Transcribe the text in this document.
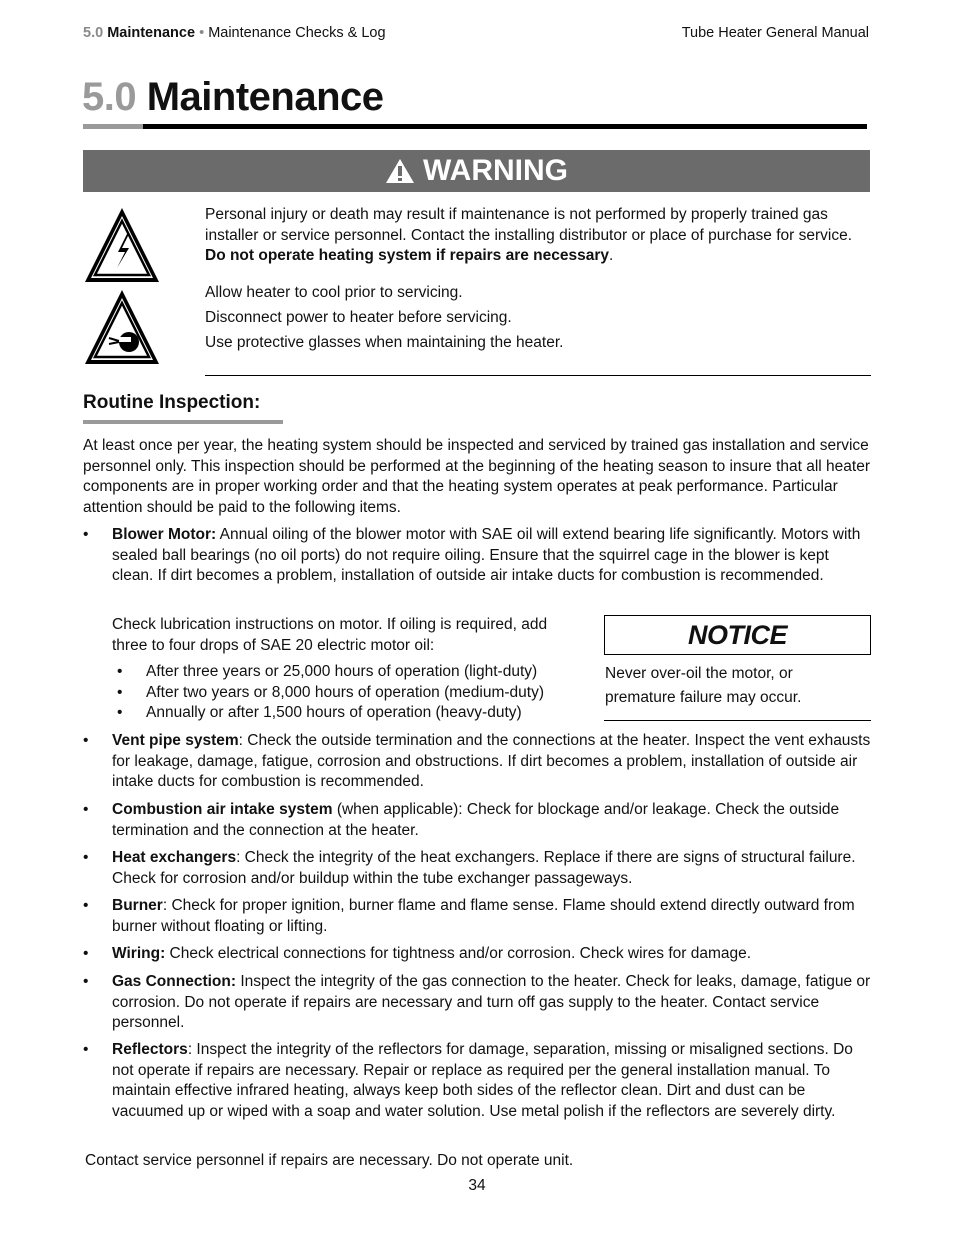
5.0 Maintenance • Maintenance Checks & Log	Tube Heater General Manual
5.0 Maintenance
WARNING
Personal injury or death may result if maintenance is not performed by properly trained gas installer or service personnel. Contact the installing distributor or place of purchase for service. Do not operate heating system if repairs are necessary.
Allow heater to cool prior to servicing.
Disconnect power to heater before servicing.
Use protective glasses when maintaining the heater.
Routine Inspection:
At least once per year, the heating system should be inspected and serviced by trained gas installation and service personnel only. This inspection should be performed at the beginning of the heating season to insure that all heater components are in proper working order and that the heating system operates at peak performance. Particular attention should be paid to the following items.
• Blower Motor: Annual oiling of the blower motor with SAE oil will extend bearing life significantly. Motors with sealed ball bearings (no oil ports) do not require oiling. Ensure that the squirrel cage in the blower is kept clean. If dirt becomes a problem, installation of outside air intake ducts for combustion is recommended.
Check lubrication instructions on motor. If oiling is required, add three to four drops of SAE 20 electric motor oil:
• After three years or 25,000 hours of operation (light-duty)
• After two years or 8,000 hours of operation (medium-duty)
• Annually or after 1,500 hours of operation (heavy-duty)
NOTICE
Never over-oil the motor, or premature failure may occur.
• Vent pipe system: Check the outside termination and the connections at the heater. Inspect the vent exhausts for leakage, damage, fatigue, corrosion and obstructions. If dirt becomes a problem, installation of outside air intake ducts for combustion is recommended.
• Combustion air intake system (when applicable): Check for blockage and/or leakage. Check the outside termination and the connection at the heater.
• Heat exchangers: Check the integrity of the heat exchangers. Replace if there are signs of structural failure. Check for corrosion and/or buildup within the tube exchanger passageways.
• Burner: Check for proper ignition, burner flame and flame sense. Flame should extend directly outward from burner without floating or lifting.
• Wiring: Check electrical connections for tightness and/or corrosion. Check wires for damage.
• Gas Connection: Inspect the integrity of the gas connection to the heater. Check for leaks, damage, fatigue or corrosion. Do not operate if repairs are necessary and turn off gas supply to the heater. Contact service personnel.
• Reflectors: Inspect the integrity of the reflectors for damage, separation, missing or misaligned sections. Do not operate if repairs are necessary. Repair or replace as required per the general installation manual. To maintain effective infrared heating, always keep both sides of the reflector clean. Dirt and dust can be vacuumed up or wiped with a soap and water solution. Use metal polish if the reflectors are severely dirty.
Contact service personnel if repairs are necessary. Do not operate unit.
34
